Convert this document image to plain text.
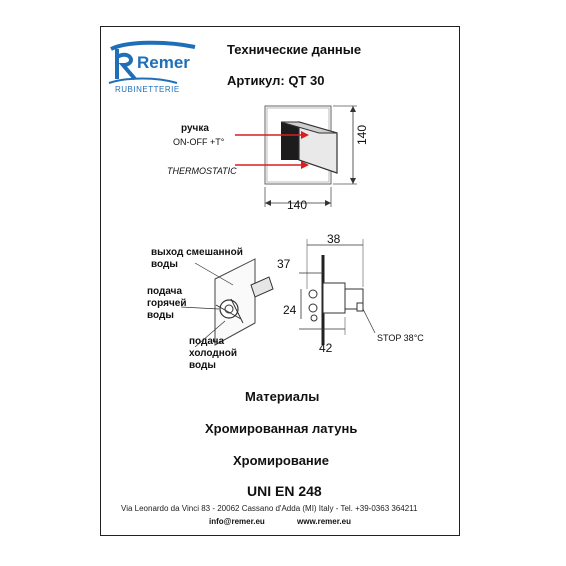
Remer
RUBINETTERIE
Технические данные
Артикул: QT 30
ручка
ON-OFF +T°
THERMOSTATIC
140
140
выход смешанной
воды
подача
горячей
воды
подача
холодной
воды
38
37
24
42
STOP 38°C
Материалы
Хромированная латунь
Хромирование
UNI EN 248
Via Leonardo da Vinci 83 - 20062 Cassano d'Adda (MI) Italy - Tel. +39-0363 364211
info@remer.eu	www.remer.eu
